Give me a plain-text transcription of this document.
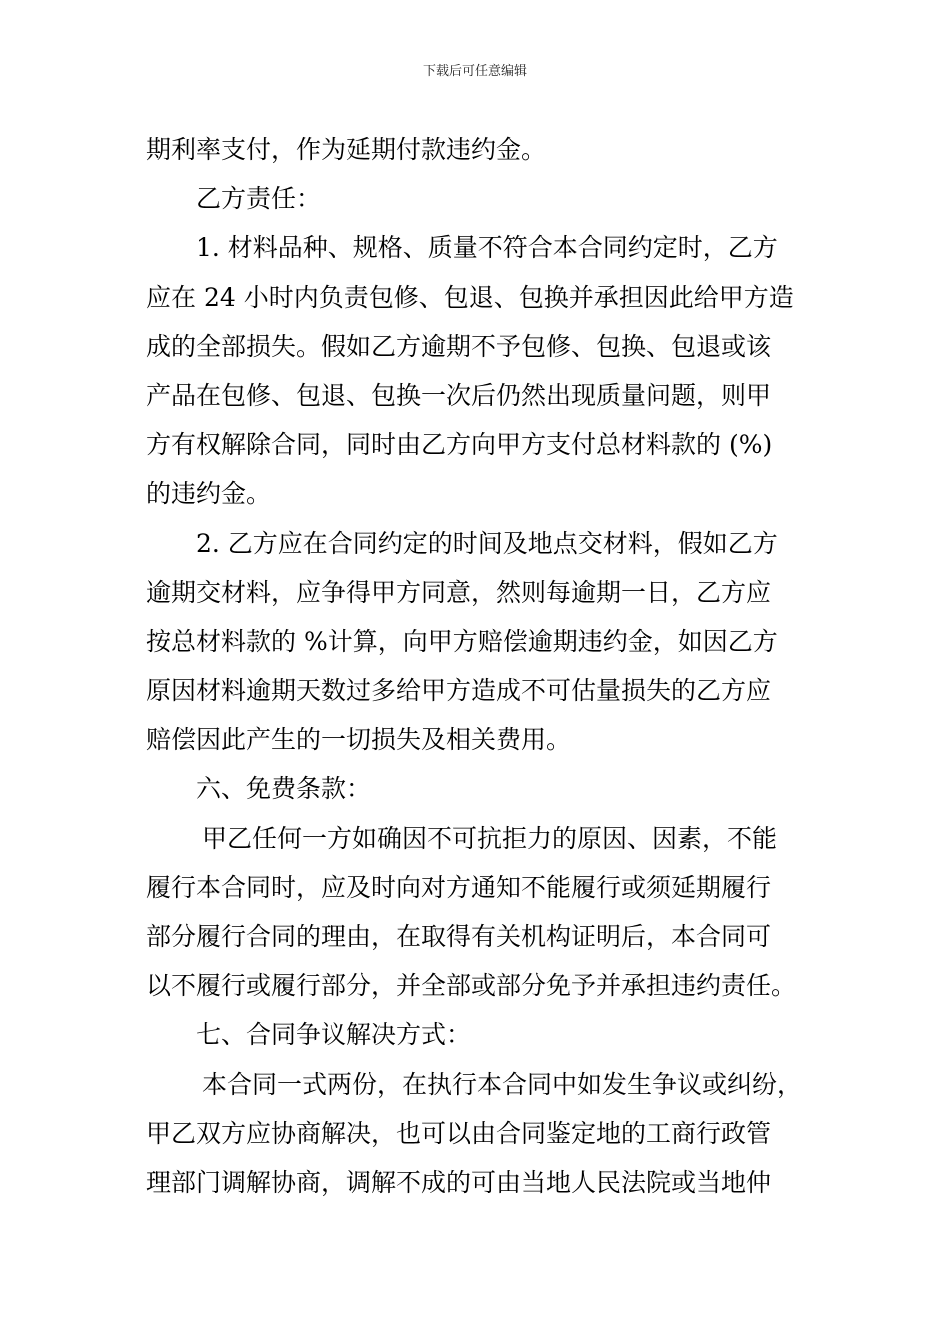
下载后可任意编辑
期利率支付，作为延期付款违约金。
乙方责任：
1. 材料品种、规格、质量不符合本合同约定时，乙方
应在 24 小时内负责包修、包退、包换并承担因此给甲方造
成的全部损失。假如乙方逾期不予包修、包换、包退或该
产品在包修、包退、包换一次后仍然出现质量问题，则甲
方有权解除合同，同时由乙方向甲方支付总材料款的 (%)
的违约金。
2. 乙方应在合同约定的时间及地点交材料，假如乙方
逾期交材料，应争得甲方同意，然则每逾期一日，乙方应
按总材料款的 %计算，向甲方赔偿逾期违约金，如因乙方
原因材料逾期天数过多给甲方造成不可估量损失的乙方应
赔偿因此产生的一切损失及相关费用。
六、免费条款：
甲乙任何一方如确因不可抗拒力的原因、因素，不能
履行本合同时，应及时向对方通知不能履行或须延期履行
部分履行合同的理由，在取得有关机构证明后，本合同可
以不履行或履行部分，并全部或部分免予并承担违约责任。
七、合同争议解决方式：
本合同一式两份，在执行本合同中如发生争议或纠纷，
甲乙双方应协商解决，也可以由合同鉴定地的工商行政管
理部门调解协商，调解不成的可由当地人民法院或当地仲
